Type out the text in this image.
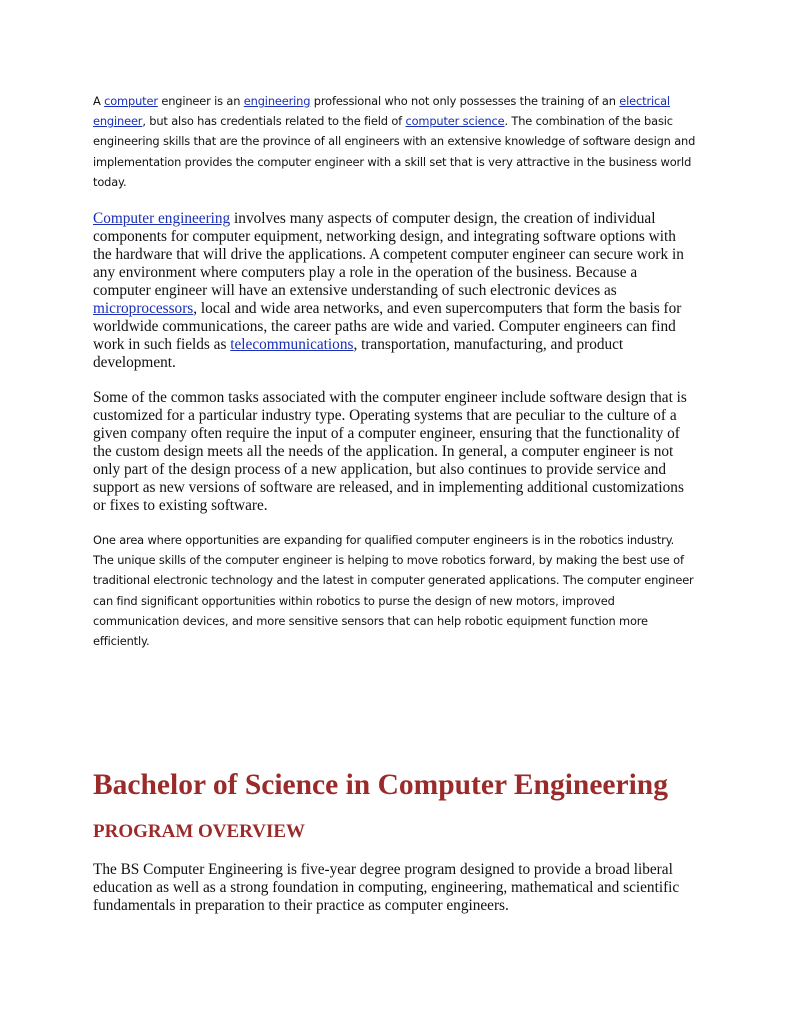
A computer engineer is an engineering professional who not only possesses the training of an electrical engineer, but also has credentials related to the field of computer science. The combination of the basic engineering skills that are the province of all engineers with an extensive knowledge of software design and implementation provides the computer engineer with a skill set that is very attractive in the business world today.

Computer engineering involves many aspects of computer design, the creation of individual components for computer equipment, networking design, and integrating software options with the hardware that will drive the applications. A competent computer engineer can secure work in any environment where computers play a role in the operation of the business. Because a computer engineer will have an extensive understanding of such electronic devices as microprocessors, local and wide area networks, and even supercomputers that form the basis for worldwide communications, the career paths are wide and varied. Computer engineers can find work in such fields as telecommunications, transportation, manufacturing, and product development.

Some of the common tasks associated with the computer engineer include software design that is customized for a particular industry type. Operating systems that are peculiar to the culture of a given company often require the input of a computer engineer, ensuring that the functionality of the custom design meets all the needs of the application. In general, a computer engineer is not only part of the design process of a new application, but also continues to provide service and support as new versions of software are released, and in implementing additional customizations or fixes to existing software.

One area where opportunities are expanding for qualified computer engineers is in the robotics industry. The unique skills of the computer engineer is helping to move robotics forward, by making the best use of traditional electronic technology and the latest in computer generated applications. The computer engineer can find significant opportunities within robotics to purse the design of new motors, improved communication devices, and more sensitive sensors that can help robotic equipment function more efficiently.

Bachelor of Science in Computer Engineering
PROGRAM OVERVIEW

The BS Computer Engineering is five-year degree program designed to provide a broad liberal education as well as a strong foundation in computing, engineering, mathematical and scientific fundamentals in preparation to their practice as computer engineers.
